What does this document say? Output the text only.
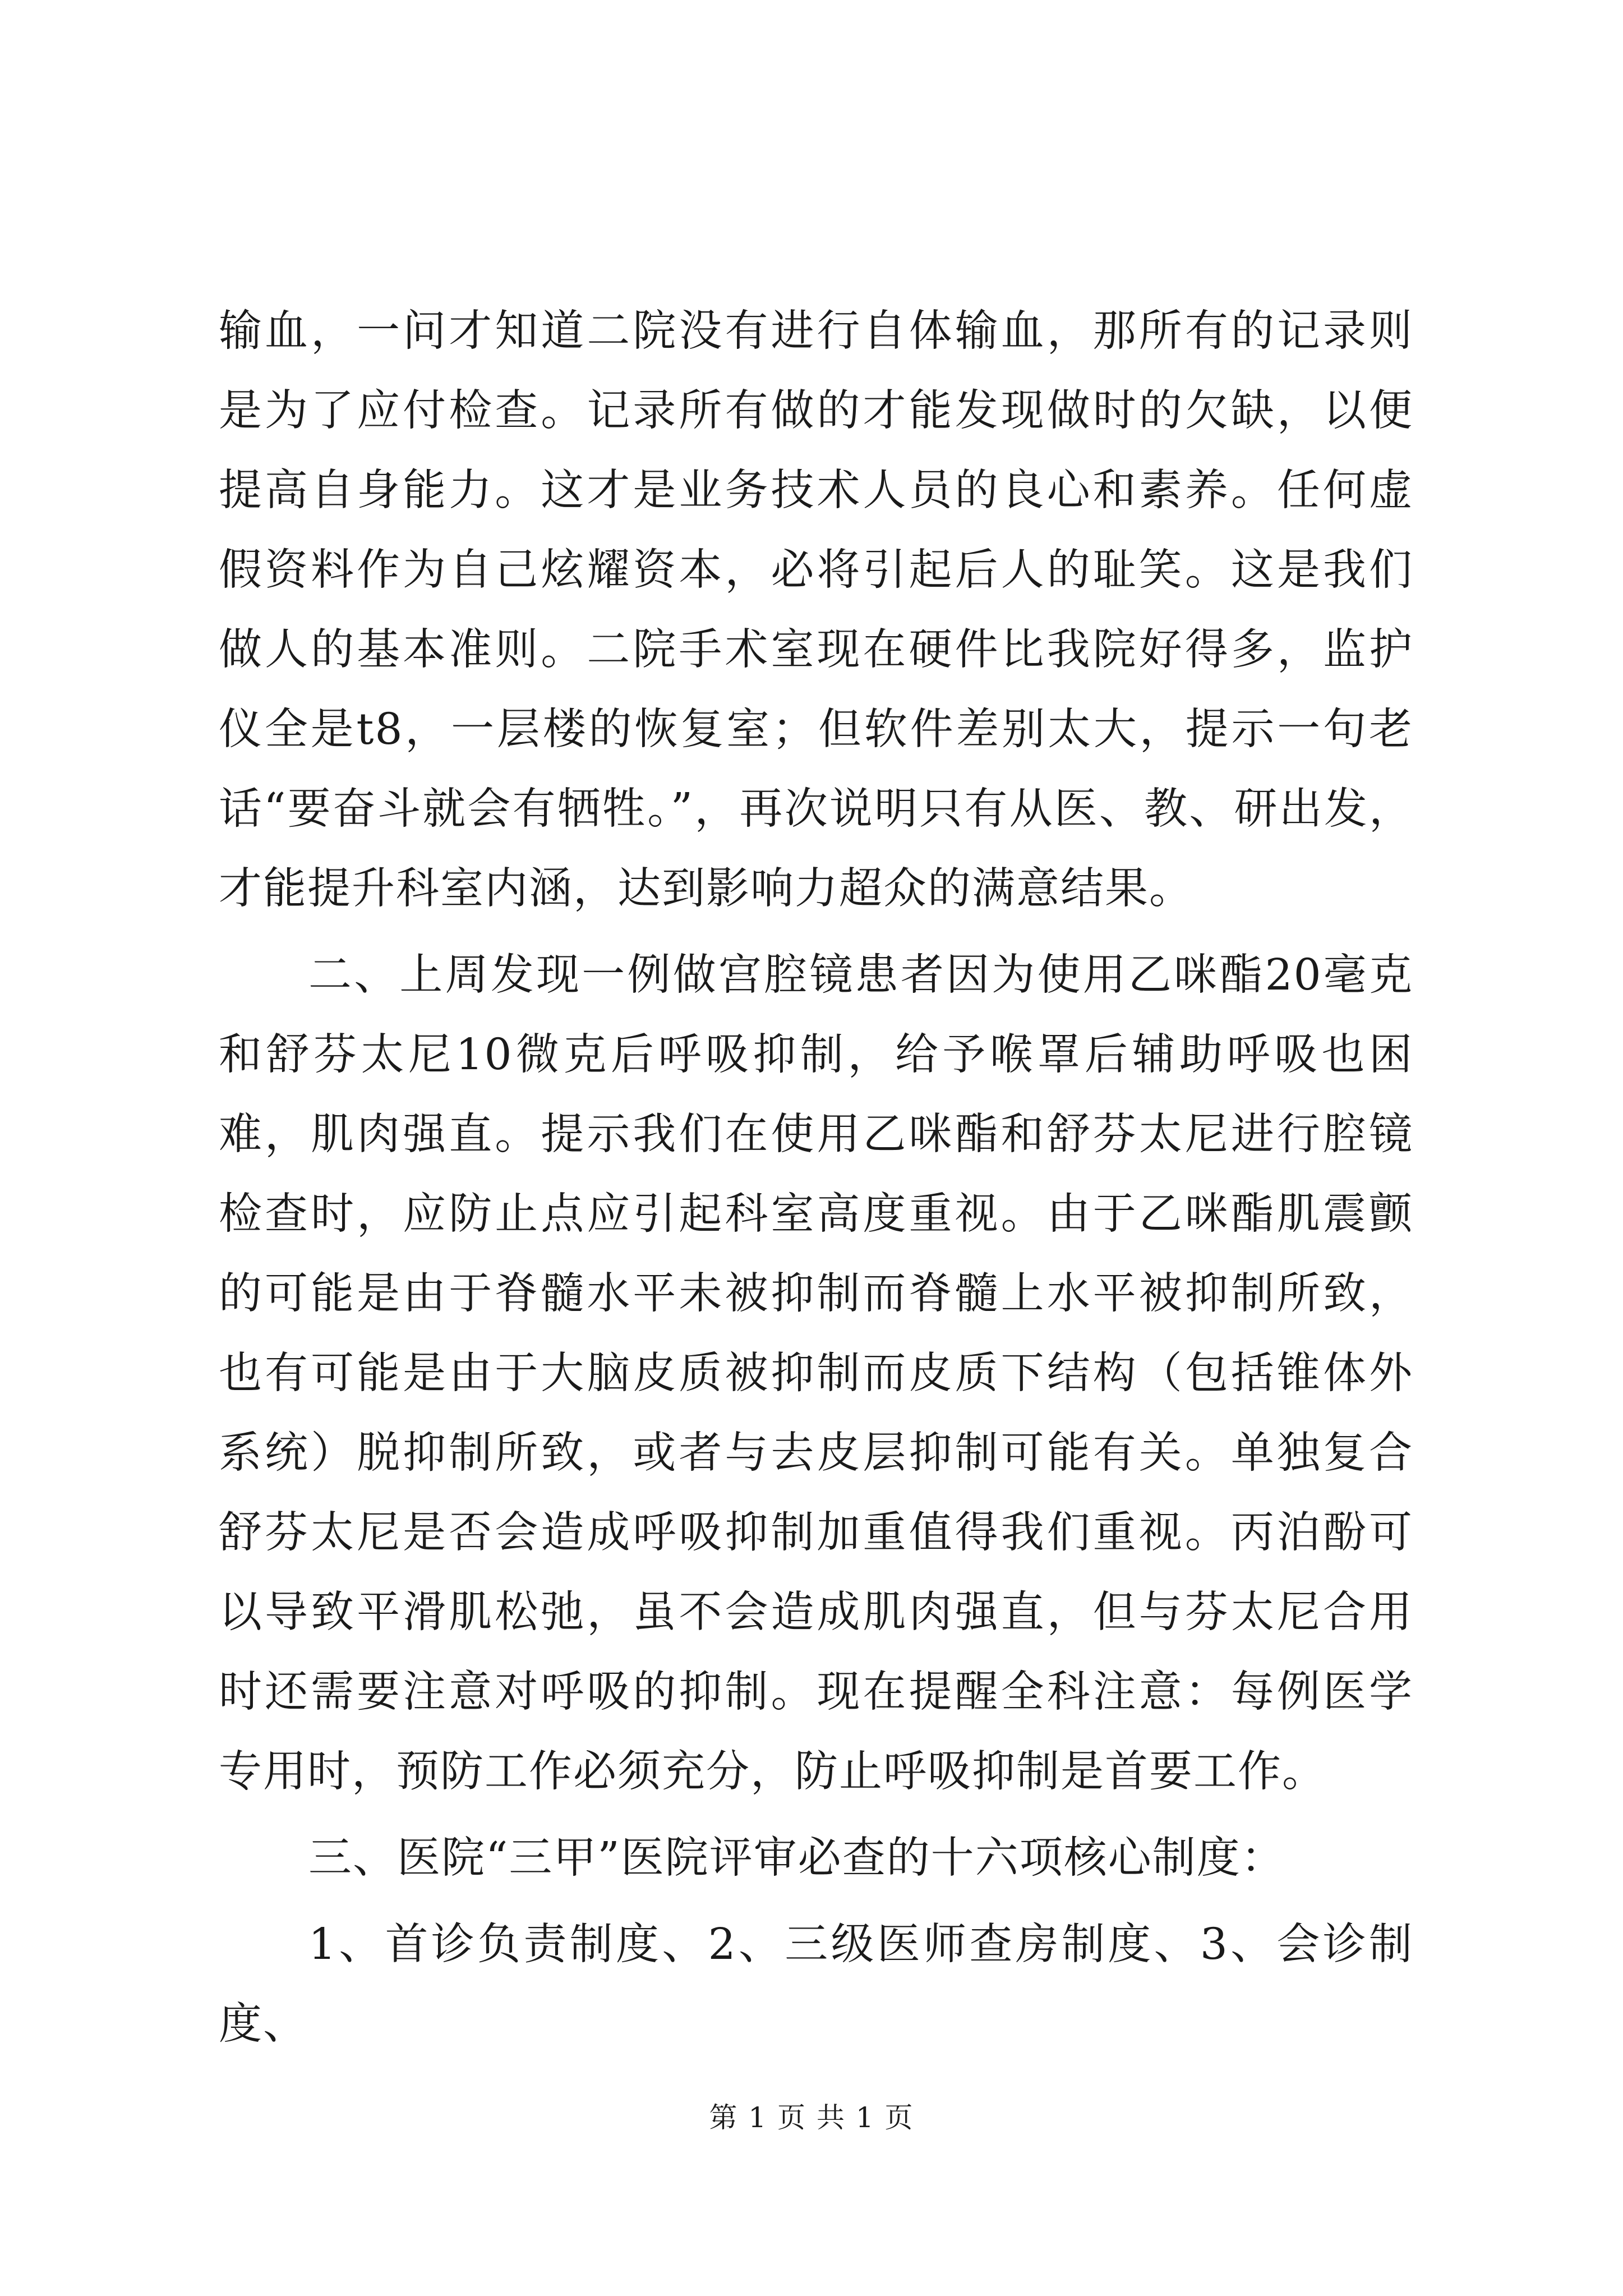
输血，一问才知道二院没有进行自体输血，那所有的记录则是为了应付检查。记录所有做的才能发现做时的欠缺，以便提高自身能力。这才是业务技术人员的良心和素养。任何虚假资料作为自己炫耀资本，必将引起后人的耻笑。这是我们做人的基本准则。二院手术室现在硬件比我院好得多，监护仪全是t8，一层楼的恢复室；但软件差别太大，提示一句老话“要奋斗就会有牺牲。”，再次说明只有从医、教、研出发，才能提升科室内涵，达到影响力超众的满意结果。

二、上周发现一例做宫腔镜患者因为使用乙咪酯20毫克和舒芬太尼10微克后呼吸抑制，给予喉罩后辅助呼吸也困难，肌肉强直。提示我们在使用乙咪酯和舒芬太尼进行腔镜检查时，应防止点应引起科室高度重视。由于乙咪酯肌震颤的可能是由于脊髓水平未被抑制而脊髓上水平被抑制所致，也有可能是由于大脑皮质被抑制而皮质下结构（包括锥体外系统）脱抑制所致，或者与去皮层抑制可能有关。单独复合舒芬太尼是否会造成呼吸抑制加重值得我们重视。丙泊酚可以导致平滑肌松弛，虽不会造成肌肉强直，但与芬太尼合用时还需要注意对呼吸的抑制。现在提醒全科注意：每例医学专用时，预防工作必须充分，防止呼吸抑制是首要工作。

三、医院“三甲”医院评审必查的十六项核心制度：

1、首诊负责制度、2、三级医师查房制度、3、会诊制度、

第 1 页 共 1 页
